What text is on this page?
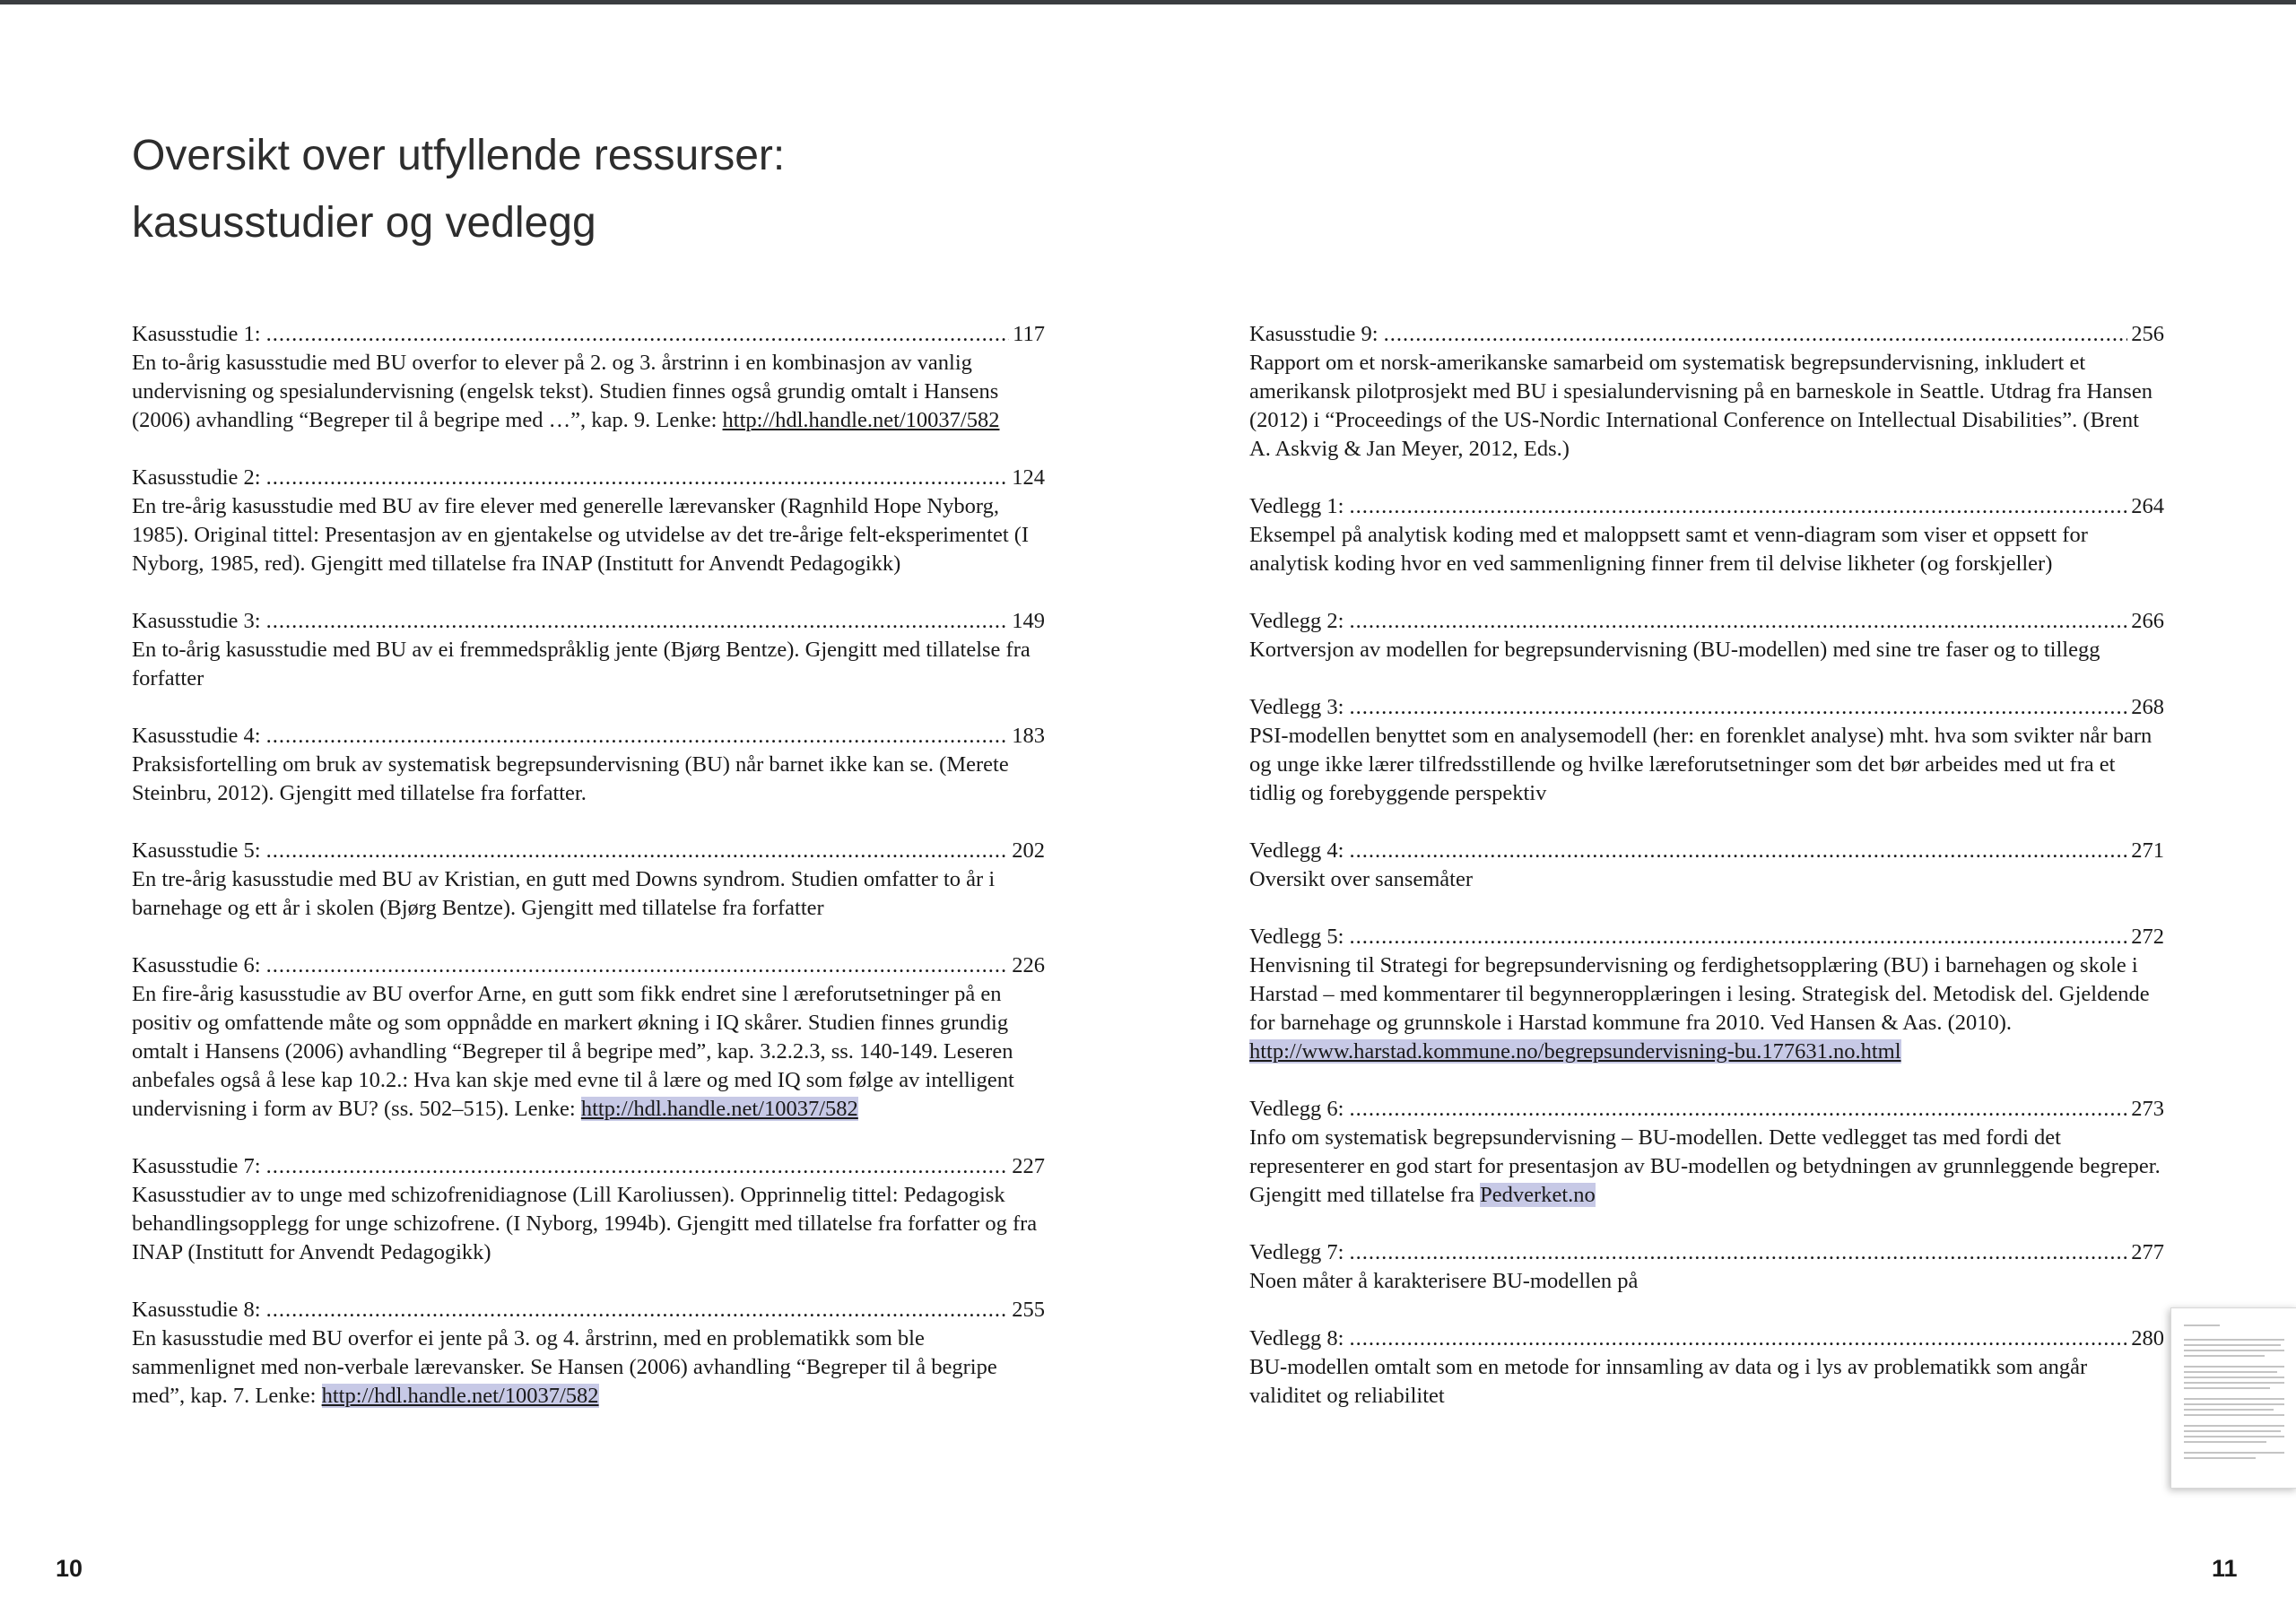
Oversikt over utfyllende ressurser:
kasusstudier og vedlegg
Kasusstudie 1: .....	117
En to-årig kasusstudie med BU overfor to elever på 2. og 3. årstrinn i en kombinasjon av vanlig undervisning og spesialundervisning (engelsk tekst). Studien finnes også grundig omtalt i Hansens (2006) avhandling “Begreper til å begripe med …”, kap. 9. Lenke: http://hdl.handle.net/10037/582
Kasusstudie 2: .....	124
En tre-årig kasusstudie med BU av fire elever med generelle lærevansker (Ragnhild Hope Nyborg, 1985). Original tittel: Presentasjon av en gjentakelse og utvidelse av det tre-årige felt-eksperimentet (I Nyborg, 1985, red). Gjengitt med tillatelse fra INAP (Institutt for Anvendt Pedagogikk)
Kasusstudie 3: .....	149
En to-årig kasusstudie med BU av ei fremmedspråklig jente (Bjørg Bentze). Gjengitt med tillatelse fra forfatter
Kasusstudie 4: .....	183
Praksisfortelling om bruk av systematisk begrepsundervisning (BU) når barnet ikke kan se. (Merete Steinbru, 2012). Gjengitt med tillatelse fra forfatter.
Kasusstudie 5: .....	202
En tre-årig kasusstudie med BU av Kristian, en gutt med Downs syndrom. Studien omfatter to år i barnehage og ett år i skolen (Bjørg Bentze). Gjengitt med tillatelse fra forfatter
Kasusstudie 6: .....	226
En fire-årig kasusstudie av BU overfor Arne, en gutt som fikk endret sine l æreforutsetninger på en positiv og omfattende måte og som oppnådde en markert økning i IQ skårer. Studien finnes grundig omtalt i Hansens (2006) avhandling “Begreper til å begripe med”, kap. 3.2.2.3, ss. 140-149. Leseren anbefales også å lese kap 10.2.: Hva kan skje med evne til å lære og med IQ som følge av intelligent undervisning i form av BU? (ss. 502–515). Lenke: http://hdl.handle.net/10037/582
Kasusstudie 7: .....	227
Kasusstudier av to unge med schizofrenidiagnose (Lill Karoliussen). Opprinnelig tittel: Pedagogisk behandlingsopplegg for unge schizofrene. (I Nyborg, 1994b). Gjengitt med tillatelse fra forfatter og fra INAP (Institutt for Anvendt Pedagogikk)
Kasusstudie 8: .....	255
En kasusstudie med BU overfor ei jente på 3. og 4. årstrinn, med en problematikk som ble sammenlignet med non-verbale lærevansker. Se Hansen (2006) avhandling “Begreper til å begripe med”, kap. 7. Lenke: http://hdl.handle.net/10037/582
Kasusstudie 9: .....	256
Rapport om et norsk-amerikanske samarbeid om systematisk begrepsundervisning, inkludert et amerikansk pilotprosjekt med BU i spesialundervisning på en barneskole in Seattle. Utdrag fra Hansen (2012) i “Proceedings of the US-Nordic International Conference on Intellectual Disabilities”. (Brent A. Askvig & Jan Meyer, 2012, Eds.)
Vedlegg 1: .....	264
Eksempel på analytisk koding med et maloppsett samt et venn-diagram som viser et oppsett for analytisk koding hvor en ved sammenligning finner frem til delvise likheter (og forskjeller)
Vedlegg 2: .....	266
Kortversjon av modellen for begrepsundervisning (BU-modellen) med sine tre faser og to tillegg
Vedlegg 3: .....	268
PSI-modellen benyttet som en analysemodell (her: en forenklet analyse) mht. hva som svikter når barn og unge ikke lærer tilfredsstillende og hvilke læreforutsetninger som det bør arbeides med ut fra et tidlig og forebyggende perspektiv
Vedlegg 4: .....	271
Oversikt over sansemåter
Vedlegg 5: .....	272
Henvisning til Strategi for begrepsundervisning og ferdighetsopplæring (BU) i barnehagen og skole i Harstad – med kommentarer til begynneropplæringen i lesing. Strategisk del. Metodisk del. Gjeldende for barnehage og grunnskole i Harstad kommune fra 2010. Ved Hansen & Aas. (2010). http://www.harstad.kommune.no/begrepsundervisning-bu.177631.no.html
Vedlegg 6: .....	273
Info om systematisk begrepsundervisning – BU-modellen. Dette vedlegget tas med fordi det representerer en god start for presentasjon av BU-modellen og betydningen av grunnleggende begreper. Gjengitt med tillatelse fra Pedverket.no
Vedlegg 7: .....	277
Noen måter å karakterisere BU-modellen på
Vedlegg 8: .....	280
BU-modellen omtalt som en metode for innsamling av data og i lys av problematikk som angår validitet og reliabilitet
10	11
